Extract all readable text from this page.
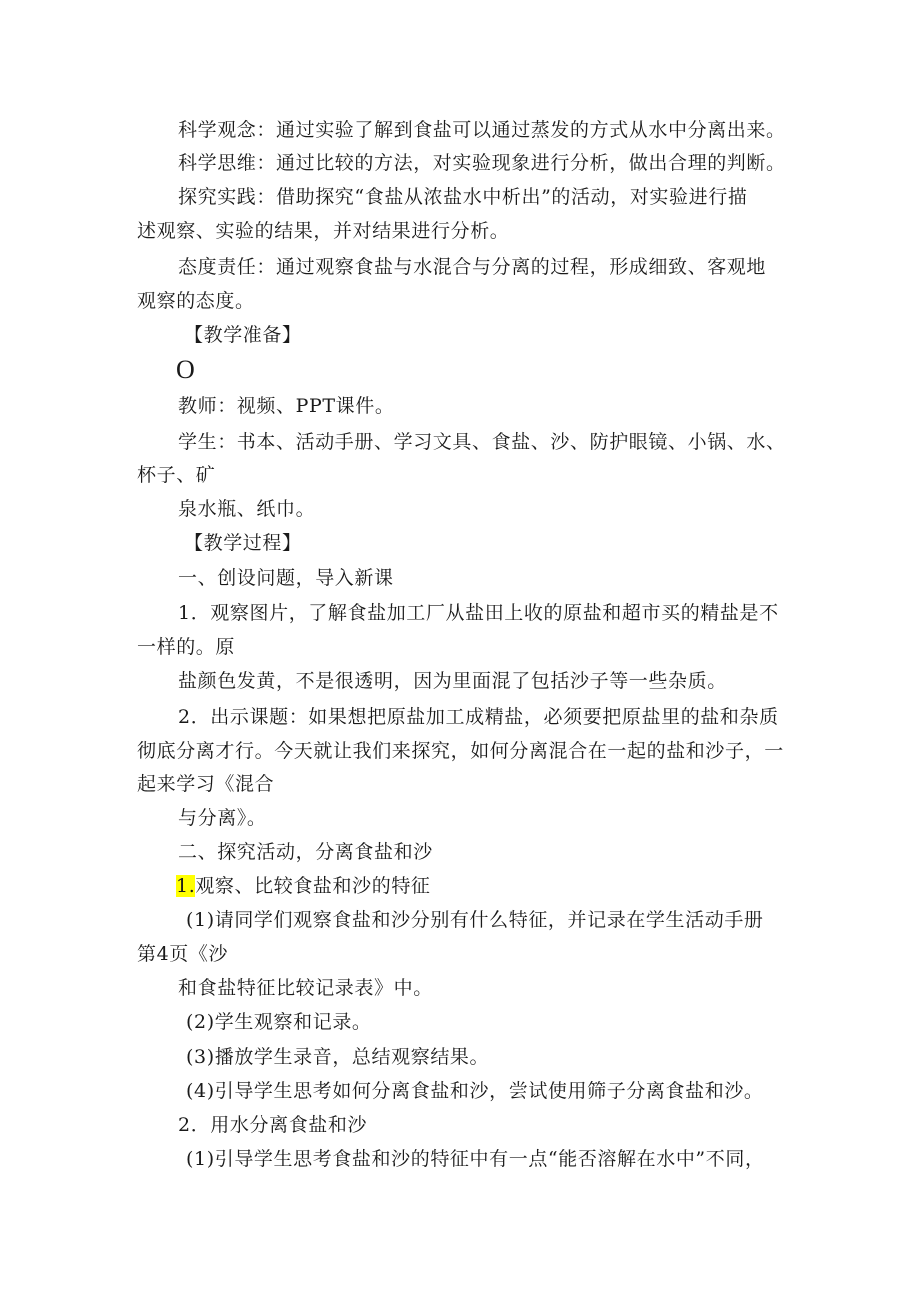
科学观念：通过实验了解到食盐可以通过蒸发的方式从水中分离出来。
科学思维：通过比较的方法，对实验现象进行分析，做出合理的判断。
探究实践：借助探究“食盐从浓盐水中析出”的活动，对实验进行描
述观察、实验的结果，并对结果进行分析。
态度责任：通过观察食盐与水混合与分离的过程，形成细致、客观地
观察的态度。
【教学准备】
O
教师：视频、PPT课件。
学生：书本、活动手册、学习文具、食盐、沙、防护眼镜、小锅、水、
杯子、矿
泉水瓶、纸巾。
【教学过程】
一、创设问题，导入新课
1．观察图片，了解食盐加工厂从盐田上收的原盐和超市买的精盐是不
一样的。原
盐颜色发黄，不是很透明，因为里面混了包括沙子等一些杂质。
2．出示课题：如果想把原盐加工成精盐，必须要把原盐里的盐和杂质
彻底分离才行。今天就让我们来探究，如何分离混合在一起的盐和沙子，一
起来学习《混合
与分离》。
二、探究活动，分离食盐和沙
1.观察、比较食盐和沙的特征
(1)请同学们观察食盐和沙分别有什么特征，并记录在学生活动手册
第4页《沙
和食盐特征比较记录表》中。
(2)学生观察和记录。
(3)播放学生录音，总结观察结果。
(4)引导学生思考如何分离食盐和沙，尝试使用筛子分离食盐和沙。
2．用水分离食盐和沙
(1)引导学生思考食盐和沙的特征中有一点“能否溶解在水中”不同，
